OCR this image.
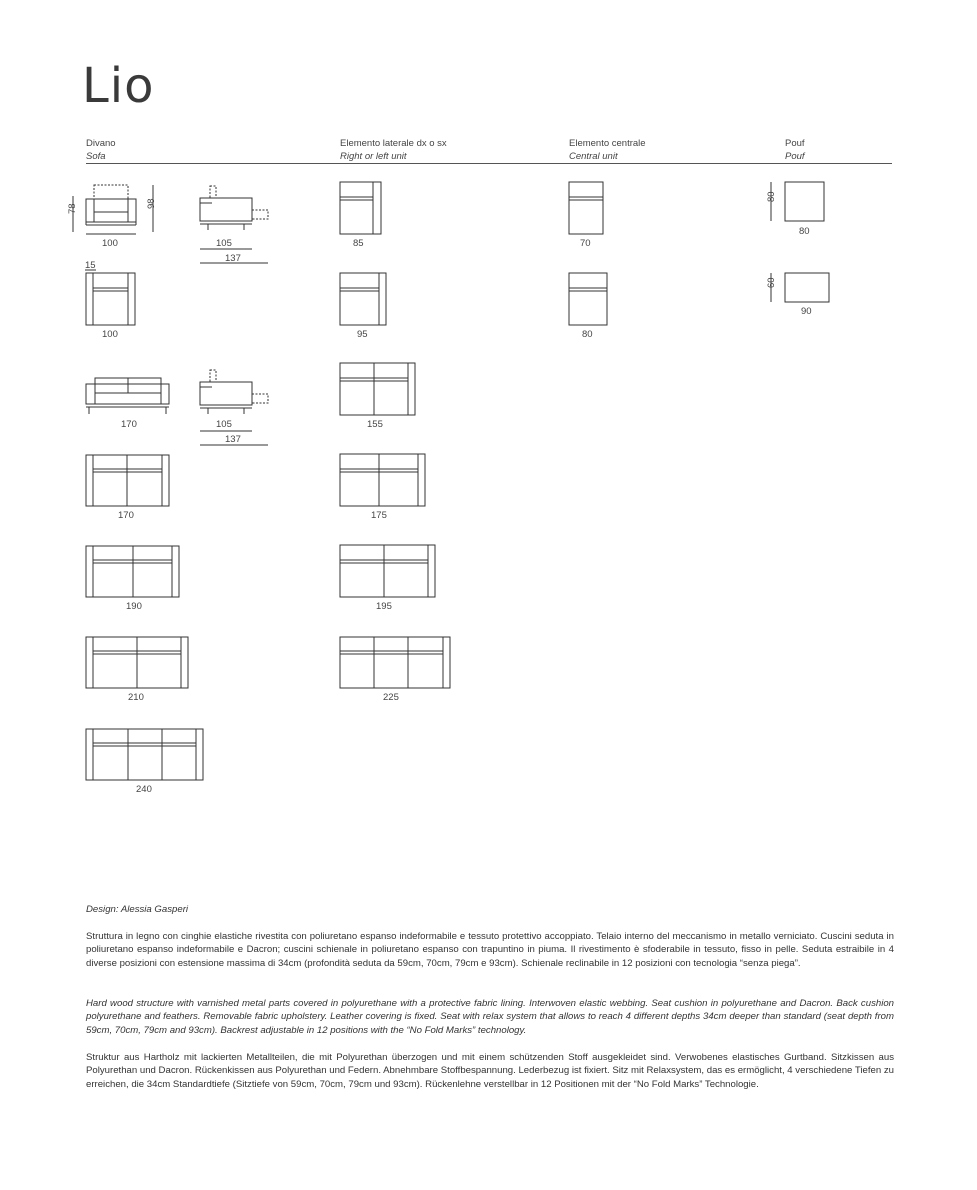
Lio
Divano
Sofa
Elemento laterale dx o sx
Right or left unit
Elemento centrale
Central unit
Pouf
Pouf
78	98
100	105
137
15
100
85
95
70
80
80
80
60
90
170	105
137
155
170	175
190	195
210	225
240
Design: Alessia Gasperi
Struttura in legno con cinghie elastiche rivestita con poliuretano espanso indeformabile e tessuto protettivo accoppiato. Telaio interno del meccanismo in metallo verniciato. Cuscini seduta in poliuretano espanso indeformabile e Dacron; cuscini schienale in poliuretano espanso con trapuntino in piuma. Il rivestimento è sfoderabile in tessuto, fisso in pelle. Seduta estraibile in 4 diverse posizioni con estensione massima di 34cm (profondità seduta da 59cm, 70cm, 79cm e 93cm). Schienale reclinabile in 12 posizioni con tecnologia “senza piega”.
Hard wood structure with varnished metal parts covered in polyurethane with a protective fabric lining. Interwoven elastic webbing. Seat cushion in polyurethane and Dacron. Back cushion polyurethane and feathers. Removable fabric upholstery. Leather covering is fixed. Seat with relax system that allows to reach 4 different depths 34cm deeper than standard (seat depth from 59cm, 70cm, 79cm and 93cm). Backrest adjustable in 12 positions with the “No Fold Marks” technology.
Struktur aus Hartholz mit lackierten Metallteilen, die mit Polyurethan überzogen und mit einem schützenden Stoff ausgekleidet sind. Verwobenes elastisches Gurtband. Sitzkissen aus Polyurethan und Dacron. Rückenkissen aus Polyurethan und Federn. Abnehmbare Stoffbespannung. Lederbezug ist fixiert. Sitz mit Relaxsystem, das es ermöglicht, 4 verschiedene Tiefen zu erreichen, die 34cm Standardtiefe (Sitztiefe von 59cm, 70cm, 79cm und 93cm). Rückenlehne verstellbar in 12 Positionen mit der “No Fold Marks” Technologie.
